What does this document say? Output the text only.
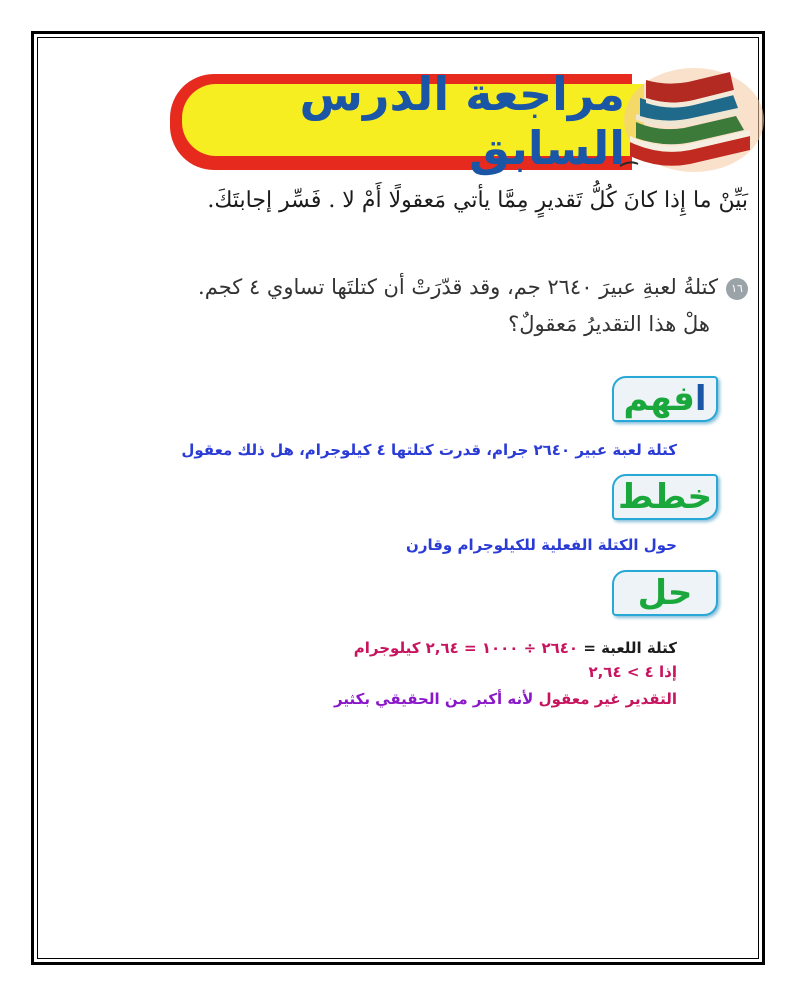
مراجعة الدرس السابق
بَيِّنْ ما إِذا كانَ كُلُّ تَقديرٍ مِمَّا يأتي مَعقولًا أَمْ لا . فَسِّر إجابتَكَ.
١٦كتلةُ لعبةِ عبيرَ ٢٦٤٠ جم، وقد قدّرَتْ أن كتلتَها تساوي ٤ كجم.
هلْ هذا التقديرُ مَعقولٌ؟
ا
فهم
كتلة لعبة عبير ٢٦٤٠ جرام، قدرت كتلتها ٤ كيلوجرام، هل ذلك معقول
خطط
حول الكتلة الفعلية للكيلوجرام وقارن
حل
كتلة اللعبة = ٢٦٤٠ ÷ ١٠٠٠ = ٢,٦٤ كيلوجرام
إذا ٤ > ٢,٦٤
التقدير غير معقول لأنه أكبر من الحقيقي بكثير
